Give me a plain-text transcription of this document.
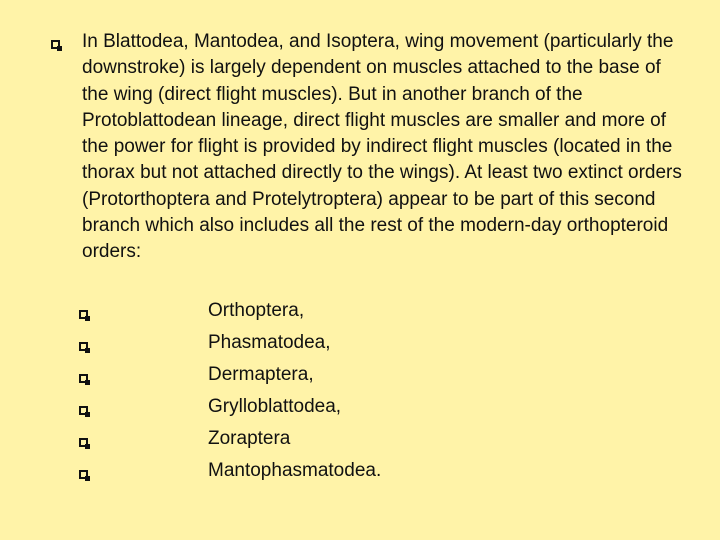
In Blattodea, Mantodea, and Isoptera, wing movement (particularly the downstroke) is largely dependent on muscles attached to the base of the wing (direct flight muscles). But in another branch of the Protoblattodean lineage, direct flight muscles are smaller and more of the power for flight is provided by indirect flight muscles (located in the thorax but not attached directly to the wings). At least two extinct orders (Protorthoptera and Protelytroptera) appear to be part of this second branch which also includes all the rest of the modern-day orthopteroid orders:

Orthoptera,
Phasmatodea,
Dermaptera,
Grylloblattodea,
Zoraptera
Mantophasmatodea.
